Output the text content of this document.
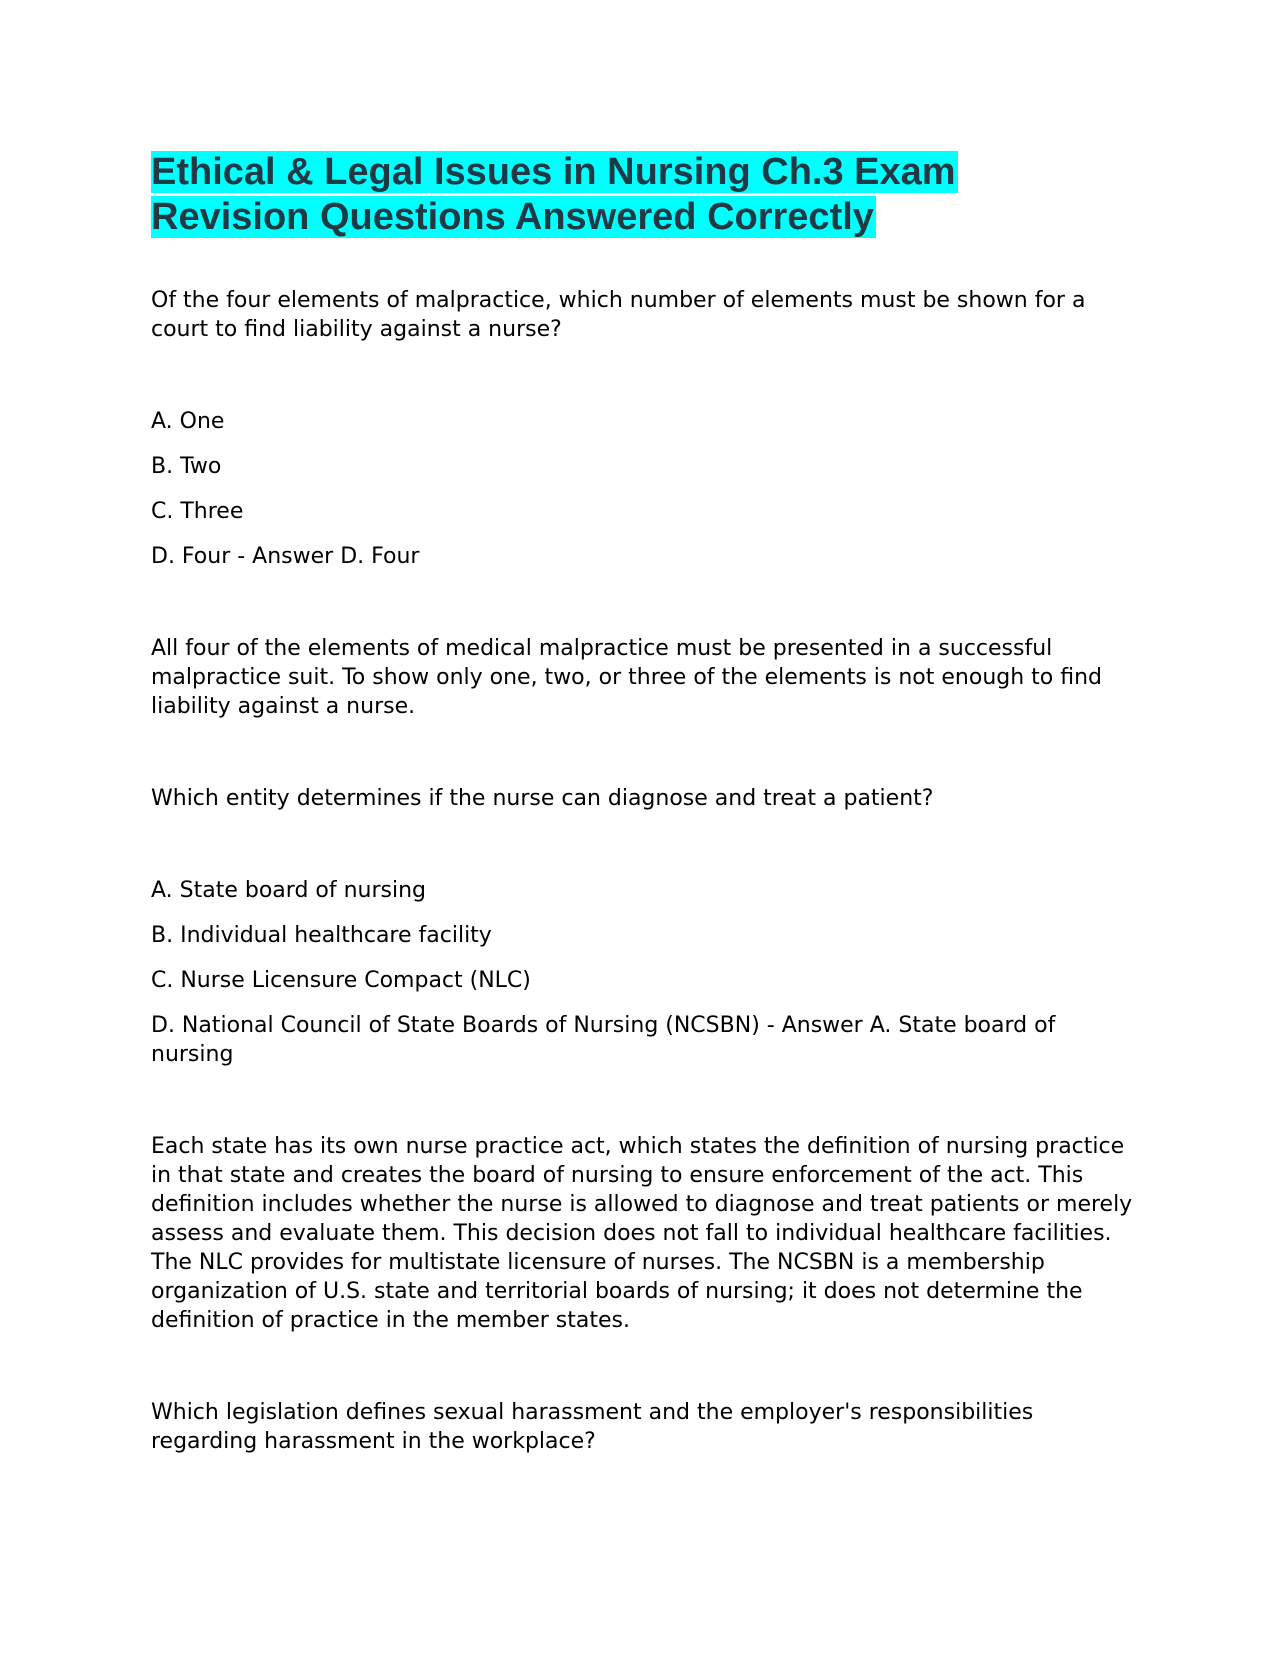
Ethical & Legal Issues in Nursing Ch.3 Exam
Revision Questions Answered Correctly

Of the four elements of malpractice, which number of elements must be shown for a court to find liability against a nurse?

A. One

B. Two

C. Three

D. Four - Answer D. Four

All four of the elements of medical malpractice must be presented in a successful malpractice suit. To show only one, two, or three of the elements is not enough to find liability against a nurse.

Which entity determines if the nurse can diagnose and treat a patient?

A. State board of nursing

B. Individual healthcare facility

C. Nurse Licensure Compact (NLC)

D. National Council of State Boards of Nursing (NCSBN) - Answer A. State board of nursing

Each state has its own nurse practice act, which states the definition of nursing practice in that state and creates the board of nursing to ensure enforcement of the act. This definition includes whether the nurse is allowed to diagnose and treat patients or merely assess and evaluate them. This decision does not fall to individual healthcare facilities. The NLC provides for multistate licensure of nurses. The NCSBN is a membership organization of U.S. state and territorial boards of nursing; it does not determine the definition of practice in the member states.

Which legislation defines sexual harassment and the employer's responsibilities regarding harassment in the workplace?
